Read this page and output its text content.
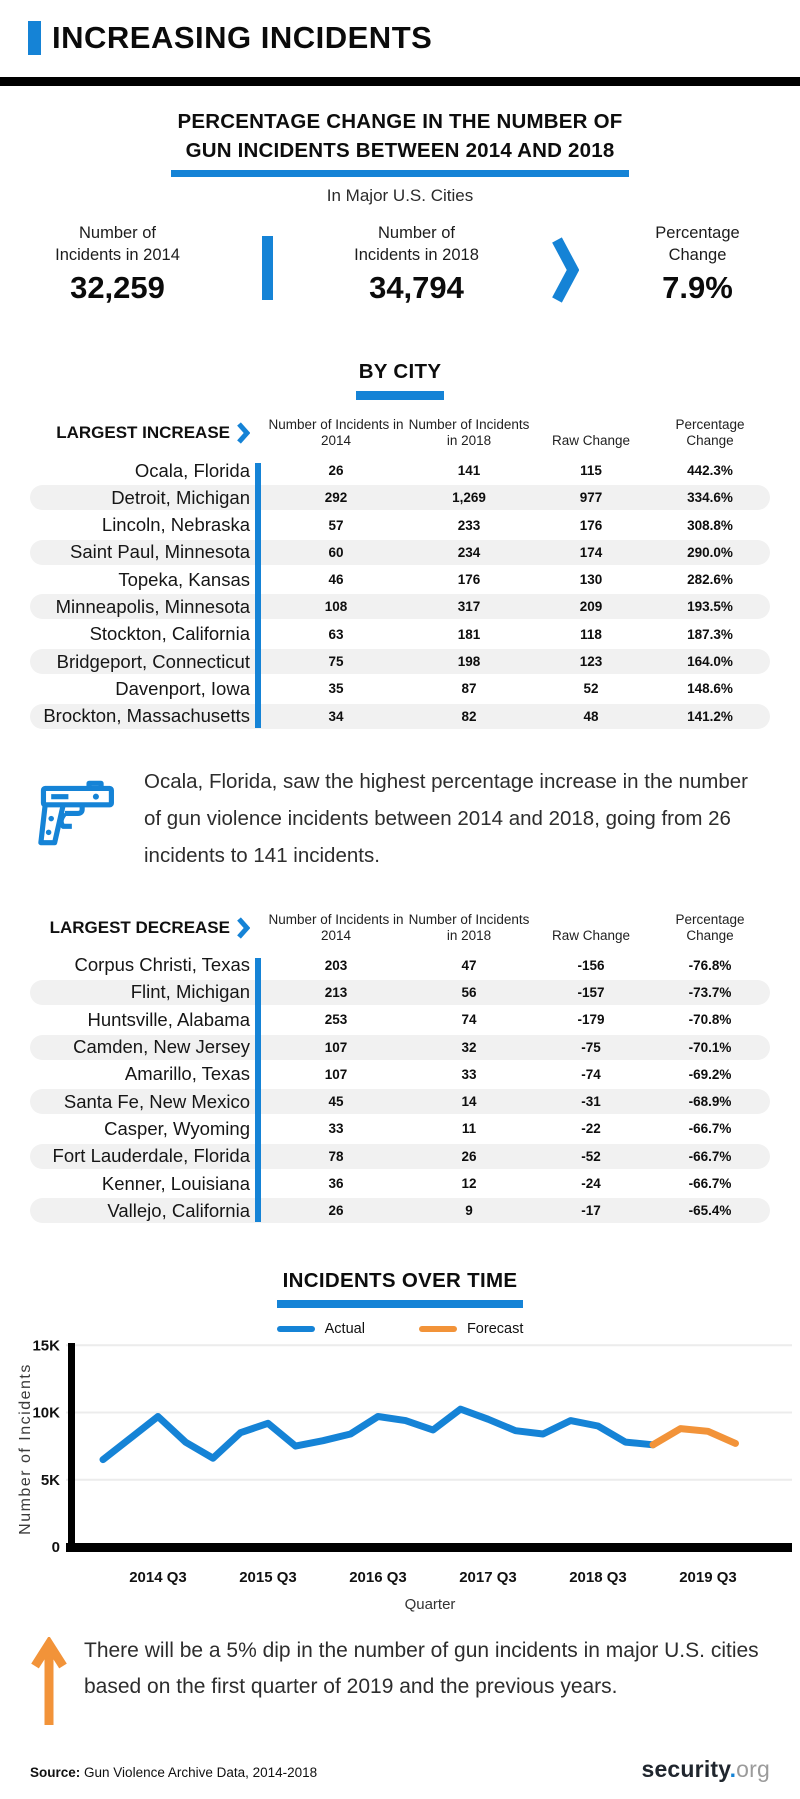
INCREASING INCIDENTS
PERCENTAGE CHANGE IN THE NUMBER OF
GUN INCIDENTS BETWEEN 2014 AND 2018
In Major U.S. Cities
Number of
Incidents in 2014
32,259
Number of
Incidents in 2018
34,794
Percentage
Change
7.9%
BY CITY
LARGEST INCREASE	Number of Incidents in 2014
Number of Incidents in 2018	Raw Change
Percentage Change
Ocala, Florida	26	141	115	442.3%
Detroit, Michigan	292	1,269	977	334.6%
Lincoln, Nebraska	57	233	176	308.8%
Saint Paul, Minnesota	60	234	174	290.0%
Topeka, Kansas	46	176	130	282.6%
Minneapolis, Minnesota	108	317	209	193.5%
Stockton, California	63	181	118	187.3%
Bridgeport, Connecticut	75	198	123	164.0%
Davenport, Iowa	35	87	52	148.6%
Brockton, Massachusetts	34	82	48	141.2%
Ocala, Florida, saw the highest percentage increase in the number of gun violence incidents between 2014 and 2018, going from 26 incidents to 141 incidents.
LARGEST DECREASE	Number of Incidents in 2014
Number of Incidents in 2018	Raw Change
Percentage Change
Corpus Christi, Texas	203	47	-156	-76.8%
Flint, Michigan	213	56	-157	-73.7%
Huntsville, Alabama	253	74	-179	-70.8%
Camden, New Jersey	107	32	-75	-70.1%
Amarillo, Texas	107	33	-74	-69.2%
Santa Fe, New Mexico	45	14	-31	-68.9%
Casper, Wyoming	33	11	-22	-66.7%
Fort Lauderdale, Florida	78	26	-52	-66.7%
Kenner, Louisiana	36	12	-24	-66.7%
Vallejo, California	26	9	-17	-65.4%
INCIDENTS OVER TIME
Actual	Forecast
0
5K
10K
15K
2014 Q3	2015 Q3	2016 Q3	2017 Q3	2018 Q3	2019 Q3
Number of Incidents
Quarter
There will be a 5% dip in the number of gun incidents in major U.S. cities based on the first quarter of 2019 and the previous years.
Source: Gun Violence Archive Data, 2014-2018	security.org
